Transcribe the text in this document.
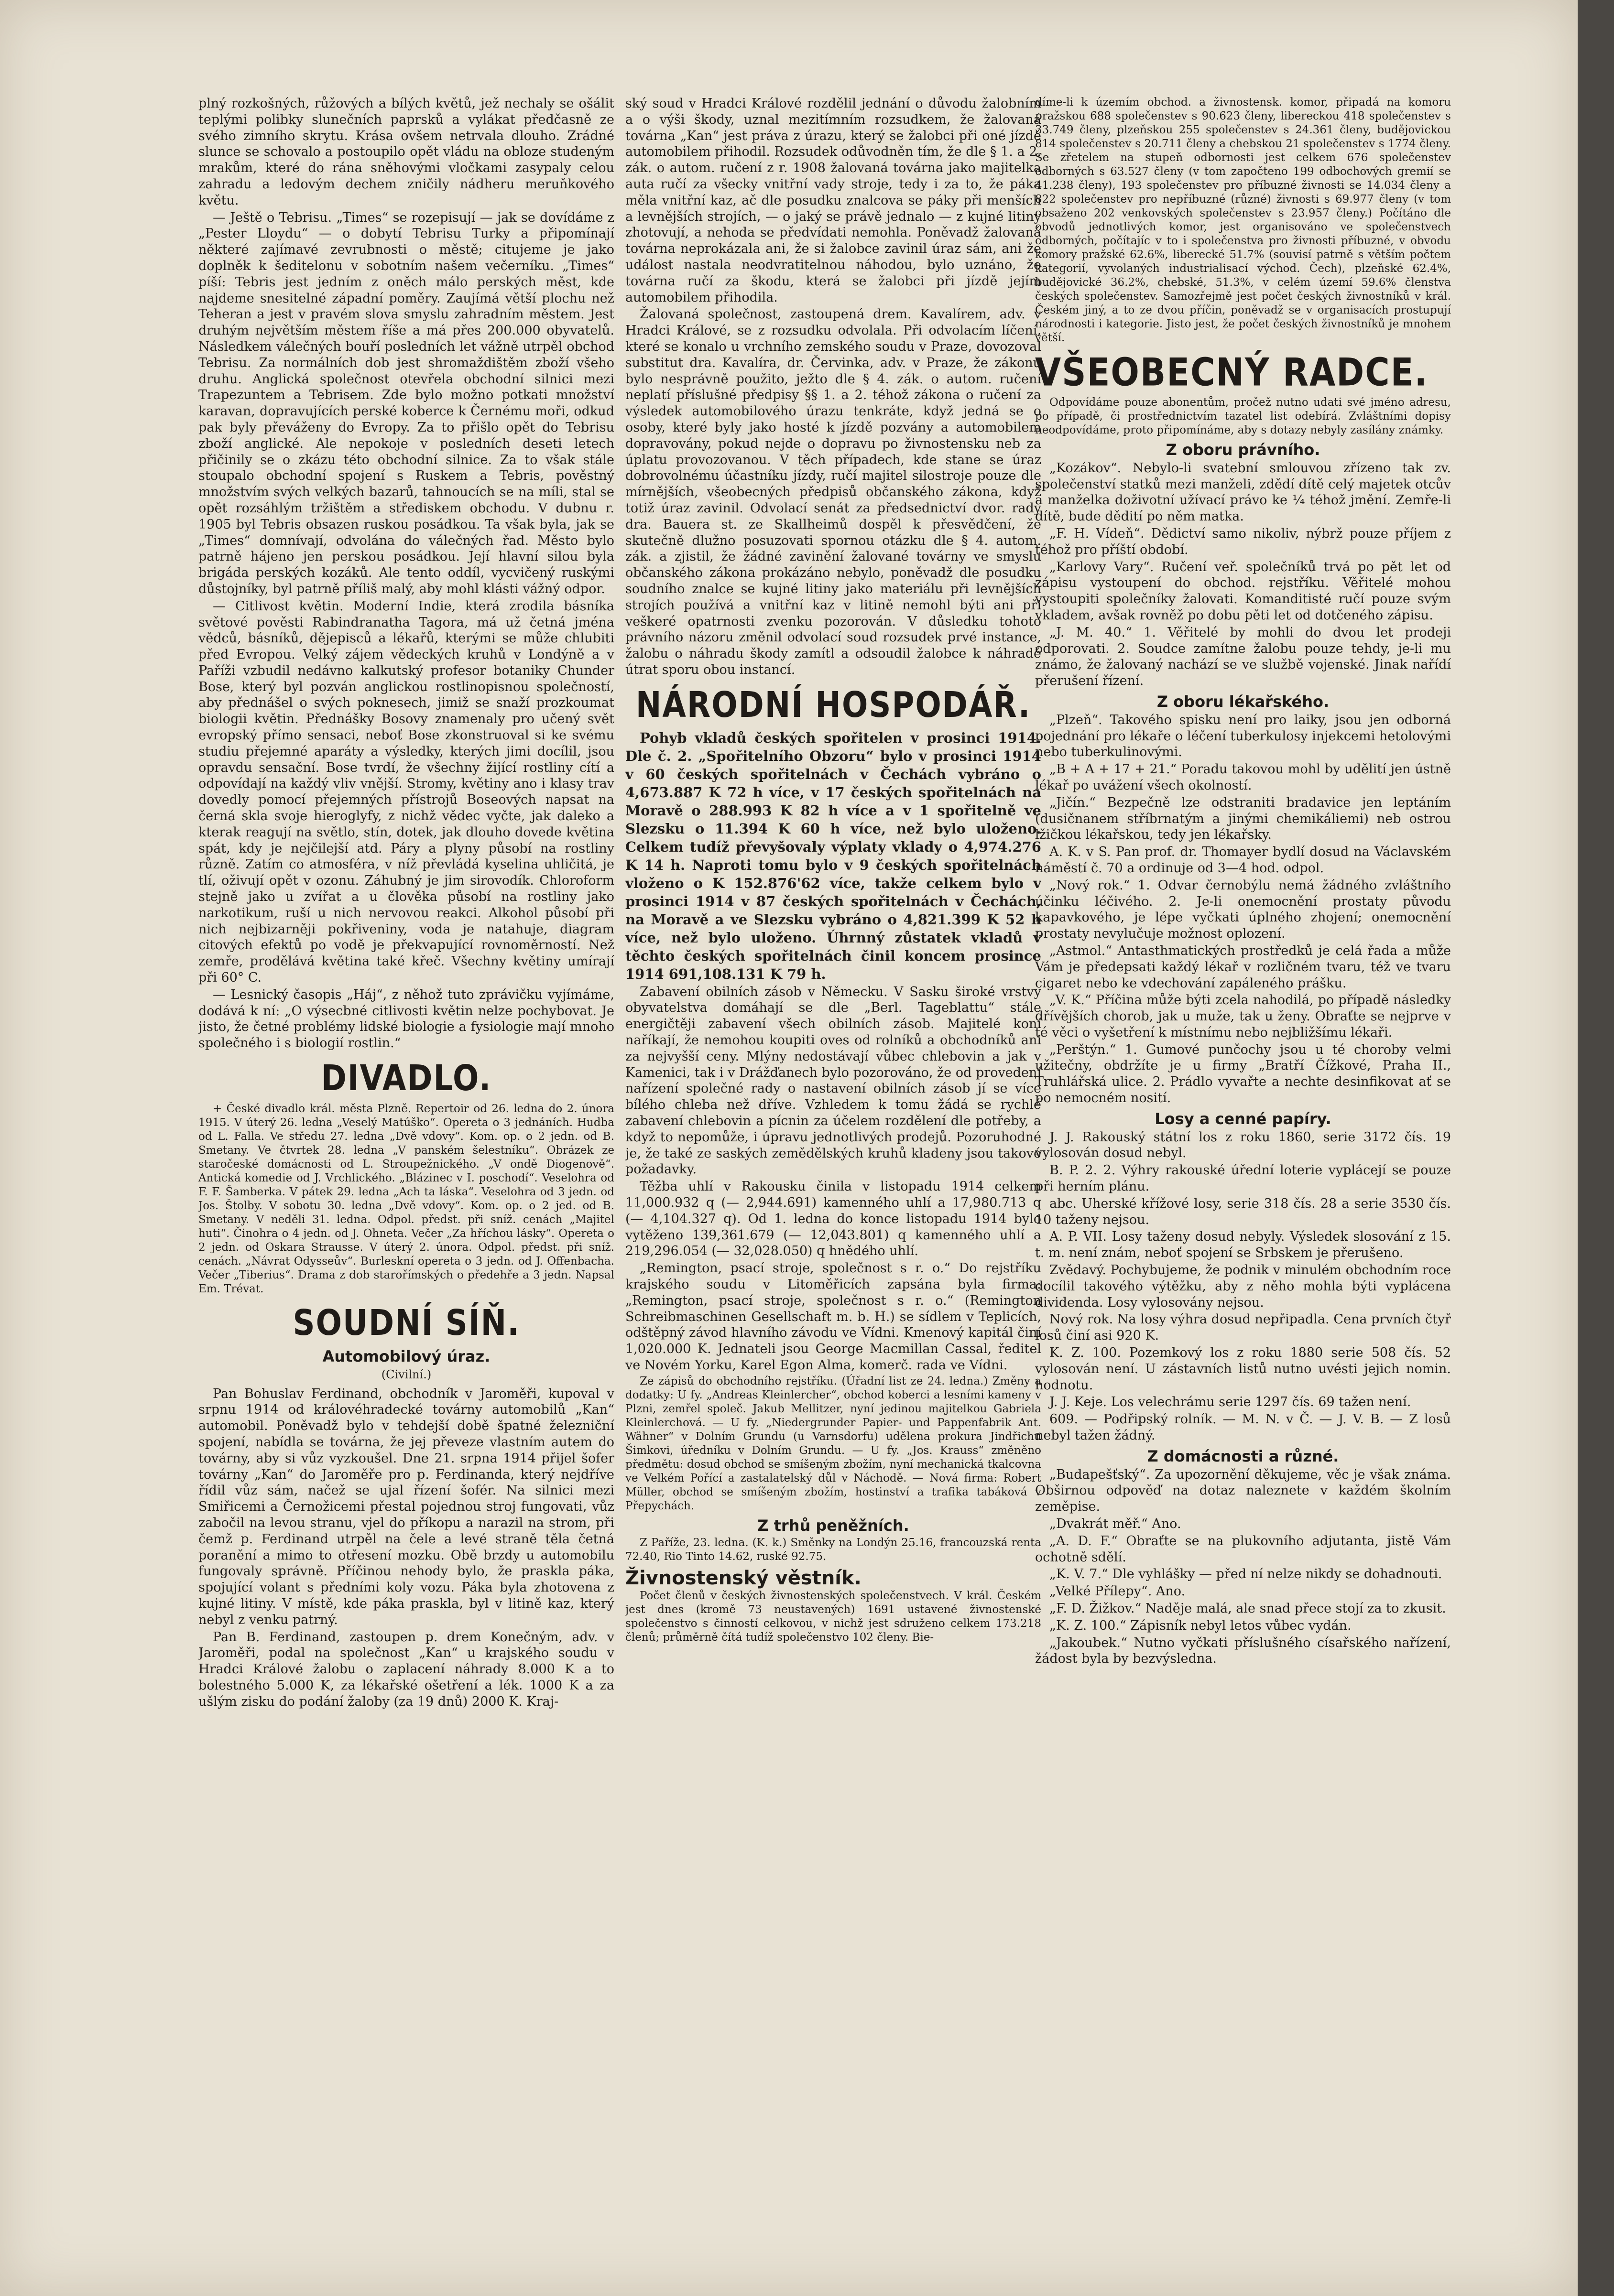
plný rozkošných, růžových a bílých květů, jež nechaly se ošálit teplými polibky slunečních paprsků a vylákat předčasně ze svého zimního skrytu. Krása ovšem netrvala dlouho. Zrádné slunce se schovalo a postoupilo opět vládu na obloze studeným mrakům, které do rána sněhovými vločkami zasypaly celou zahradu a ledovým dechem zničily nádheru meruňkového květu.

— Ještě o Tebrisu. „Times“ se rozepisují — jak se dovídáme z „Pester Lloydu“ — o dobytí Tebrisu Turky a připomínají některé zajímavé zevrubnosti o městě; citujeme je jako doplněk k šeditelonu v sobotním našem večerníku. „Times“ píší: Tebris jest jedním z oněch málo perských měst, kde najdeme snesitelné západní poměry. Zaujímá větší plochu než Teheran a jest v pravém slova smyslu zahradním městem. Jest druhým největším městem říše a má přes 200.000 obyvatelů. Následkem válečných bouří posledních let vážně utrpěl obchod Tebrisu. Za normálních dob jest shromaždištěm zboží všeho druhu. Anglická společnost otevřela obchodní silnici mezi Trapezuntem a Tebrisem. Zde bylo možno potkati množství karavan, dopravujících perské koberce k Černému moři, odkud pak byly převáženy do Evropy. Za to přišlo opět do Tebrisu zboží anglické. Ale nepokoje v posledních deseti letech přičinily se o zkázu této obchodní silnice. Za to však stále stoupalo obchodní spojení s Ruskem a Tebris, pověstný množstvím svých velkých bazarů, tahnoucích se na míli, stal se opět rozsáhlým tržištěm a střediskem obchodu. V dubnu r. 1905 byl Tebris obsazen ruskou posádkou. Ta však byla, jak se „Times“ domnívají, odvolána do válečných řad. Město bylo patrně hájeno jen perskou posádkou. Její hlavní silou byla brigáda perských kozáků. Ale tento oddíl, vycvičený ruskými důstojníky, byl patrně příliš malý, aby mohl klásti vážný odpor.

— Citlivost květin. Moderní Indie, která zrodila básníka světové pověsti Rabindranatha Tagora, má už četná jména vědců, básníků, dějepisců a lékařů, kterými se může chlubiti před Evropou. Velký zájem vědeckých kruhů v Londýně a v Paříži vzbudil nedávno kalkutský profesor botaniky Chunder Bose, který byl pozván anglickou rostlinopisnou společností, aby přednášel o svých poknesech, jimiž se snaží prozkoumat biologii květin. Přednášky Bosovy znamenaly pro učený svět evropský přímo sensaci, neboť Bose zkonstruoval si ke svému studiu přejemné aparáty a výsledky, kterých jimi docílil, jsou opravdu sensační. Bose tvrdí, že všechny žijící rostliny cítí a odpovídají na každý vliv vnější. Stromy, květiny ano i klasy trav dovedly pomocí přejemných přístrojů Boseových napsat na černá skla svoje hieroglyfy, z nichž vědec vyčte, jak daleko a kterak reagují na světlo, stín, dotek, jak dlouho dovede květina spát, kdy je nejčilejší atd. Páry a plyny působí na rostliny různě. Zatím co atmosféra, v níž převládá kyselina uhličitá, je tlí, oživují opět v ozonu. Záhubný je jim sirovodík. Chloroform stejně jako u zvířat a u člověka působí na rostliny jako narkotikum, ruší u nich nervovou reakci. Alkohol působí při nich nejbizarněji pokřiveniny, voda je natahuje, diagram citových efektů po vodě je překvapující rovnoměrností. Než zemře, prodělává květina také křeč. Všechny květiny umírají při 60° C.

— Lesnický časopis „Háj“, z něhož tuto zprávičku vyjímáme, dodává k ní: „O výsecbné citlivosti květin nelze pochybovat. Je jisto, že četné problémy lidské biologie a fysiologie mají mnoho společného i s biologií rostlin.“

DIVADLO.

+ České divadlo král. města Plzně. Repertoir od 26. ledna do 2. února 1915. V úterý 26. ledna „Veselý Matúško“. Opereta o 3 jednáních. Hudba od L. Falla. Ve středu 27. ledna „Dvě vdovy“. Kom. op. o 2 jedn. od B. Smetany. Ve čtvrtek 28. ledna „V panském šelestníku“. Obrázek ze staročeské domácnosti od L. Stroupežnického. „V ondě Diogenově“. Antická komedie od J. Vrchlického. „Blázinec v I. poschodí“. Veselohra od F. F. Šamberka. V pátek 29. ledna „Ach ta láska“. Veselohra od 3 jedn. od Jos. Štolby. V sobotu 30. ledna „Dvě vdovy“. Kom. op. o 2 jed. od B. Smetany. V neděli 31. ledna. Odpol. předst. při sníž. cenách „Majitel huti“. Činohra o 4 jedn. od J. Ohneta. Večer „Za hříchou lásky“. Opereta o 2 jedn. od Oskara Strausse. V úterý 2. února. Odpol. předst. při sníž. cenách. „Návrat Odysseův“. Burleskní opereta o 3 jedn. od J. Offenbacha. Večer „Tiberius“. Drama z dob starořímských o předehře a 3 jedn. Napsal Em. Trévat.

SOUDNÍ SÍŇ.
Automobilový úraz.
(Civilní.)

Pan Bohuslav Ferdinand, obchodník v Jaroměři, kupoval v srpnu 1914 od královéhradecké továrny automobilů „Kan“ automobil. Poněvadž bylo v tehdejší době špatné železniční spojení, nabídla se továrna, že jej převeze vlastním autem do továrny, aby si vůz vyzkoušel. Dne 21. srpna 1914 přijel šofer továrny „Kan“ do Jaroměře pro p. Ferdinanda, který nejdříve řídil vůz sám, načež se ujal řízení šofér. Na silnici mezi Smiřicemi a Černožicemi přestal pojednou stroj fungovati, vůz zabočil na levou stranu, vjel do příkopu a narazil na strom, při čemž p. Ferdinand utrpěl na čele a levé straně těla četná poranění a mimo to otřesení mozku. Obě brzdy u automobilu fungovaly správně. Příčinou nehody bylo, že praskla páka, spojující volant s předními koly vozu. Páka byla zhotovena z kujné litiny. V místě, kde páka praskla, byl v litině kaz, který nebyl z venku patrný.

Pan B. Ferdinand, zastoupen p. drem Konečným, adv. v Jaroměři, podal na společnost „Kan“ u krajského soudu v Hradci Králové žalobu o zaplacení náhrady 8.000 K a to bolestného 5.000 K, za lékařské ošetření a lék. 1000 K a za ušlým zisku do podání žaloby (za 19 dnů) 2000 K. Kraj-

ský soud v Hradci Králové rozdělil jednání o důvodu žalobním a o výši škody, uznal mezitímním rozsudkem, že žalovaná továrna „Kan“ jest práva z úrazu, který se žalobci při oné jízdě automobilem přihodil. Rozsudek odůvodněn tím, že dle § 1. a 2. zák. o autom. ručení z r. 1908 žalovaná továrna jako majitelka auta ručí za všecky vnitřní vady stroje, tedy i za to, že páka měla vnitřní kaz, ač dle posudku znalcova se páky při menších a levnějších strojích, — o jaký se právě jednalo — z kujné litiny zhotovují, a nehoda se předvídati nemohla. Poněvadž žalovaná továrna neprokázala ani, že si žalobce zavinil úraz sám, ani že událost nastala neodvratitelnou náhodou, bylo uznáno, že továrna ručí za škodu, která se žalobci při jízdě jejím automobilem přihodila.

Žalovaná společnost, zastoupená drem. Kavalírem, adv. v Hradci Králové, se z rozsudku odvolala. Při odvolacím líčení, které se konalo u vrchního zemského soudu v Praze, dovozoval substitut dra. Kavalíra, dr. Červinka, adv. v Praze, že zákonu bylo nesprávně použito, ježto dle § 4. zák. o autom. ručení neplatí příslušné předpisy §§ 1. a 2. téhož zákona o ručení za výsledek automobilového úrazu tenkráte, když jedná se o osoby, které byly jako hosté k jízdě pozvány a automobilem dopravovány, pokud nejde o dopravu po živnostensku neb za úplatu provozovanou. V těch případech, kde stane se úraz dobrovolnému účastníku jízdy, ručí majitel silostroje pouze dle mírnějších, všeobecných předpisů občanského zákona, když totiž úraz zavinil. Odvolací senát za předsednictví dvor. rady dra. Bauera st. ze Skallheimů dospěl k přesvědčení, že skutečně dlužno posuzovati spornou otázku dle § 4. autom. zák. a zjistil, že žádné zavinění žalované továrny ve smyslu občanského zákona prokázáno nebylo, poněvadž dle posudku soudního znalce se kujné litiny jako materiálu při levnějších strojích používá a vnitřní kaz v litině nemohl býti ani při veškeré opatrnosti zvenku pozorován. V důsledku tohoto právního názoru změnil odvolací soud rozsudek prvé instance, žalobu o náhradu škody zamítl a odsoudil žalobce k náhradě útrat sporu obou instancí.

NÁRODNÍ HOSPODÁŘ.

Pohyb vkladů českých spořitelen v prosinci 1914. Dle č. 2. „Spořitelního Obzoru“ bylo v prosinci 1914 v 60 českých spořitelnách v Čechách vybráno o 4,673.887 K 72 h více, v 17 českých spořitelnách na Moravě o 288.993 K 82 h více a v 1 spořitelně ve Slezsku o 11.394 K 60 h více, než bylo uloženo. Celkem tudíž převyšovaly výplaty vklady o 4,974.276 K 14 h. Naproti tomu bylo v 9 českých spořitelnách vloženo o K 152.876'62 více, takže celkem bylo v prosinci 1914 v 87 českých spořitelnách v Čechách, na Moravě a ve Slezsku vybráno o 4,821.399 K 52 h více, než bylo uloženo. Úhrnný zůstatek vkladů v těchto českých spořitelnách činil koncem prosince 1914 691,108.131 K 79 h.

Zabavení obilních zásob v Německu. V Sasku široké vrstvy obyvatelstva domáhají se dle „Berl. Tageblattu“ stále energičtěji zabavení všech obilních zásob. Majitelé koní naříkají, že nemohou koupiti oves od rolníků a obchodníků ani za nejvyšší ceny. Mlýny nedostávají vůbec chlebovin a jak v Kamenici, tak i v Drážďanech bylo pozorováno, že od provedení nařízení společné rady o nastavení obilních zásob jí se více bílého chleba než dříve. Vzhledem k tomu žádá se rychlé zabavení chlebovin a pícnin za účelem rozdělení dle potřeby, a když to nepomůže, i úpravu jednotlivých prodejů. Pozoruhodné je, že také ze saských zemědělských kruhů kladeny jsou takové požadavky.

Těžba uhlí v Rakousku činila v listopadu 1914 celkem 11,000.932 q (— 2,944.691) kamenného uhlí a 17,980.713 q (— 4,104.327 q). Od 1. ledna do konce listopadu 1914 bylo vytěženo 139,361.679 (— 12,043.801) q kamenného uhlí a 219,296.054 (— 32,028.050) q hnědého uhlí.

„Remington, psací stroje, společnost s r. o.“ Do rejstříku krajského soudu v Litoměřicích zapsána byla firma: „Remington, psací stroje, společnost s r. o.“ (Remington Schreibmaschinen Gesellschaft m. b. H.) se sídlem v Teplicích, odštěpný závod hlavního závodu ve Vídni. Kmenový kapitál činí 1,020.000 K. Jednateli jsou George Macmillan Cassal, ředitel ve Novém Yorku, Karel Egon Alma, komerč. rada ve Vídni.

Ze zápisů do obchodního rejstříku. (Úřadní list ze 24. ledna.) Změny a dodatky: U fy. „Andreas Kleinlercher“, obchod koberci a lesními kameny v Plzni, zemřel společ. Jakub Mellitzer, nyní jedinou majitelkou Gabriela Kleinlerchová. — U fy. „Niedergrunder Papier- und Pappenfabrik Ant. Wähner“ v Dolním Grundu (u Varnsdorfu) udělena prokura Jindřichu Šimkovi, úředníku v Dolním Grundu. — U fy. „Jos. Krauss“ změněno předmětu: dosud obchod se smíšeným zbožím, nyní mechanická tkalcovna ve Velkém Pořící a zastalatelský důl v Náchodě. — Nová firma: Robert Müller, obchod se smíšeným zbožím, hostinství a trafika tabáková v Přepychách.

Z trhů peněžních.

Z Paříže, 23. ledna. (K. k.) Směnky na Londýn 25.16, francouzská renta 72.40, Rio Tinto 14.62, ruské 92.75.

Živnostenský věstník.

Počet členů v českých živnostenských společenstvech. V král. Českém jest dnes (kromě 73 neustavených) 1691 ustavené živnostenské společenstvo s činností celkovou, v nichž jest sdruženo celkem 173.218 členů; průměrně čítá tudíž společenstvo 102 členy. Bie-

díme-li k územím obchod. a živnostensk. komor, připadá na komoru pražskou 688 společenstev s 90.623 členy, libereckou 418 společenstev s 33.749 členy, plzeňskou 255 společenstev s 24.361 členy, budějovickou 814 společenstev s 20.711 členy a chebskou 21 společenstev s 1774 členy. Se zřetelem na stupeň odbornosti jest celkem 676 společenstev odborných s 63.527 členy (v tom započteno 199 odbochových gremií se 41.238 členy), 193 společenstev pro příbuzné živnosti se 14.034 členy a 822 společenstev pro nepříbuzné (různé) živnosti s 69.977 členy (v tom obsaženo 202 venkovských společenstev s 23.957 členy.) Počítáno dle obvodů jednotlivých komor, jest organisováno ve společenstvech odborných, počítajíc v to i společenstva pro živnosti příbuzné, v obvodu komory pražské 62.6%, liberecké 51.7% (souvisí patrně s větším počtem kategorií, vyvolaných industrialisací východ. Čech), plzeňské 62.4%, budějovické 36.2%, chebské, 51.3%, v celém území 59.6% členstva českých společenstev. Samozřejmě jest počet českých živnostníků v král. Českém jiný, a to ze dvou příčin, poněvadž se v organisacích prostupují národnosti i kategorie. Jisto jest, že počet českých živnostníků je mnohem větší.

VŠEOBECNÝ RADCE.

Odpovídáme pouze abonentům, pročež nutno udati své jméno adresu, po případě, či prostřednictvím tazatel list odebírá. Zvláštními dopisy neodpovídáme, proto připomínáme, aby s dotazy nebyly zasílány známky.

Z oboru právního.

„Kozákov“. Nebylo-li svatební smlouvou zřízeno tak zv. společenství statků mezi manželi, zdědí dítě celý majetek otcův a manželka doživotní užívací právo ke ¼ téhož jmění. Zemře-li dítě, bude dědití po něm matka.

„F. H. Vídeň“. Dědictví samo nikoliv, nýbrž pouze příjem z téhož pro příští období.

„Karlovy Vary“. Ručení veř. společníků trvá po pět let od zápisu vystoupení do obchod. rejstříku. Věřitelé mohou vystoupiti společníky žalovati. Komanditisté ručí pouze svým vkladem, avšak rovněž po dobu pěti let od dotčeného zápisu.

„J. M. 40.“ 1. Věřitelé by mohli do dvou let prodeji odporovati. 2. Soudce zamítne žalobu pouze tehdy, je-li mu známo, že žalovaný nachází se ve službě vojenské. Jinak nařídí přerušení řízení.

Z oboru lékařského.

„Plzeň“. Takového spisku není pro laiky, jsou jen odborná pojednání pro lékaře o léčení tuberkulosy injekcemi hetolovými nebo tuberkulinovými.

„B + A + 17 + 21.“ Poradu takovou mohl by udělití jen ústně lékař po uvážení všech okolností.

„Jičín.“ Bezpečně lze odstraniti bradavice jen leptáním (dusičnanem stříbrnatým a jinými chemikáliemi) neb ostrou lžičkou lékařskou, tedy jen lékařsky.

A. K. v S. Pan prof. dr. Thomayer bydlí dosud na Václavském náměstí č. 70 a ordinuje od 3—4 hod. odpol.

„Nový rok.“ 1. Odvar černobýlu nemá žádného zvláštního účinku léčivého. 2. Je-li onemocnění prostaty původu kapavkového, je lépe vyčkati úplného zhojení; onemocnění prostaty nevylučuje možnost oplození.

„Astmol.“ Antasthmatických prostředků je celá řada a může Vám je předepsati každý lékař v rozličném tvaru, též ve tvaru cigaret nebo ke vdechování zapáleného prášku.

„V. K.“ Příčina může býti zcela nahodilá, po případě následky dřívějších chorob, jak u muže, tak u ženy. Obraťte se nejprve v té věci o vyšetření k místnímu nebo nejbližšímu lékaři.

„Perštýn.“ 1. Gumové punčochy jsou u té choroby velmi užitečny, obdržíte je u firmy „Bratří Čížkové, Praha II., Truhlářská ulice. 2. Prádlo vyvařte a nechte desinfikovat ať se po nemocném nosití.

Losy a cenné papíry.

J. J. Rakouský státní los z roku 1860, serie 3172 čís. 19 vylosován dosud nebyl.

B. P. 2. 2. Výhry rakouské úřední loterie vyplácejí se pouze při herním plánu.

abc. Uherské křížové losy, serie 318 čís. 28 a serie 3530 čís. 10 taženy nejsou.

A. P. VII. Losy taženy dosud nebyly. Výsledek slosování z 15. t. m. není znám, neboť spojení se Srbskem je přerušeno.

Zvědavý. Pochybujeme, že podnik v minulém obchodním roce docílil takového výtěžku, aby z něho mohla býti vyplácena dividenda. Losy vylosovány nejsou.

Nový rok. Na losy výhra dosud nepřipadla. Cena prvních čtyř losů činí asi 920 K.

K. Z. 100. Pozemkový los z roku 1880 serie 508 čís. 52 vylosován není. U zástavních listů nutno uvésti jejich nomin. hodnotu.

J. J. Keje. Los velechrámu serie 1297 čís. 69 tažen není.

609. — Podřipský rolník. — M. N. v Č. — J. V. B. — Z losů nebyl tažen žádný.

Z domácnosti a různé.

„Budapešťský“. Za upozornění děkujeme, věc je však známa. Obširnou odpověď na dotaz naleznete v každém školním zeměpise.

„Dvakrát měř.“ Ano.

„A. D. F.“ Obraťte se na plukovního adjutanta, jistě Vám ochotně sdělí.

„K. V. 7.“ Dle vyhlášky — před ní nelze nikdy se dohadnouti.

„Velké Přílepy“. Ano.

„F. D. Žižkov.“ Naděje malá, ale snad přece stojí za to zkusit.

„K. Z. 100.“ Zápisník nebyl letos vůbec vydán.

„Jakoubek.“ Nutno vyčkati příslušného císařského nařízení, žádost byla by bezvýsledna.
